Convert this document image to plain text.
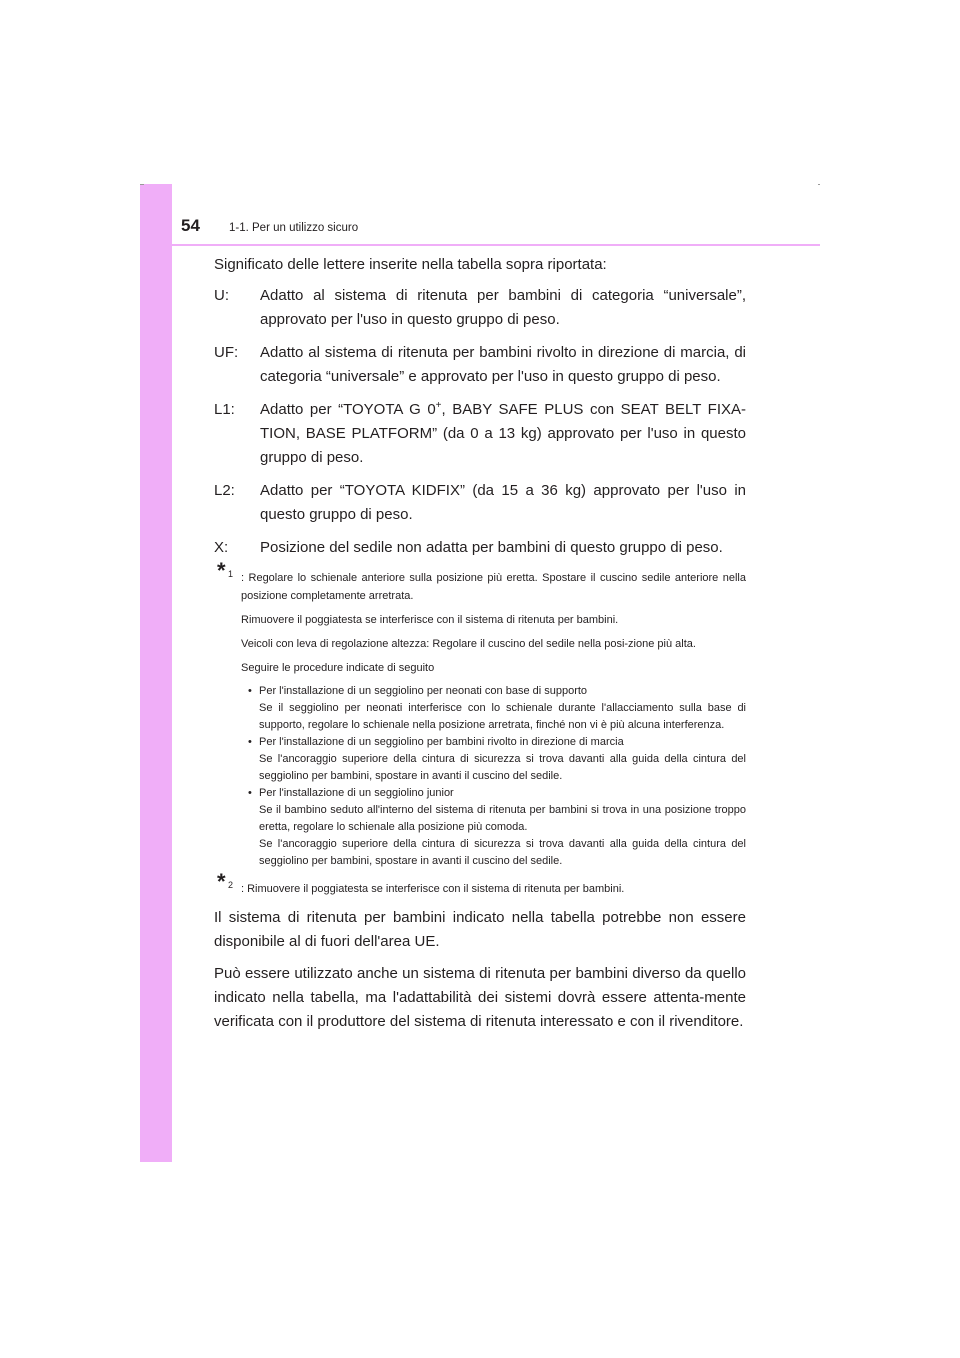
54	1-1. Per un utilizzo sicuro

Significato delle lettere inserite nella tabella sopra riportata:

U:	Adatto al sistema di ritenuta per bambini di categoria “universale”, approvato per l'uso in questo gruppo di peso.
UF:	Adatto al sistema di ritenuta per bambini rivolto in direzione di marcia, di categoria “universale” e approvato per l'uso in questo gruppo di peso.
L1:	Adatto per “TOYOTA G 0+, BABY SAFE PLUS con SEAT BELT FIXA-TION, BASE PLATFORM” (da 0 a 13 kg) approvato per l'uso in questo gruppo di peso.
L2:	Adatto per “TOYOTA KIDFIX” (da 15 a 36 kg) approvato per l'uso in questo gruppo di peso.
X:	Posizione del sedile non adatta per bambini di questo gruppo di peso.
* 1 : Regolare lo schienale anteriore sulla posizione più eretta. Spostare il cuscino sedile anteriore nella posizione completamente arretrata.

Rimuovere il poggiatesta se interferisce con il sistema di ritenuta per bambini.

Veicoli con leva di regolazione altezza: Regolare il cuscino del sedile nella posi-zione più alta.

Seguire le procedure indicate di seguito

• Per l'installazione di un seggiolino per neonati con base di supporto
Se il seggiolino per neonati interferisce con lo schienale durante l'allacciamento sulla base di supporto, regolare lo schienale nella posizione arretrata, finché non vi è più alcuna interferenza.
• Per l'installazione di un seggiolino per bambini rivolto in direzione di marcia
Se l'ancoraggio superiore della cintura di sicurezza si trova davanti alla guida della cintura del seggiolino per bambini, spostare in avanti il cuscino del sedile.
• Per l'installazione di un seggiolino junior
Se il bambino seduto all'interno del sistema di ritenuta per bambini si trova in una posizione troppo eretta, regolare lo schienale alla posizione più comoda.
Se l'ancoraggio superiore della cintura di sicurezza si trova davanti alla guida della cintura del seggiolino per bambini, spostare in avanti il cuscino del sedile.
* 2 : Rimuovere il poggiatesta se interferisce con il sistema di ritenuta per bambini.

Il sistema di ritenuta per bambini indicato nella tabella potrebbe non essere disponibile al di fuori dell'area UE.

Può essere utilizzato anche un sistema di ritenuta per bambini diverso da quello indicato nella tabella, ma l'adattabilità dei sistemi dovrà essere attenta-mente verificata con il produttore del sistema di ritenuta interessato e con il rivenditore.
